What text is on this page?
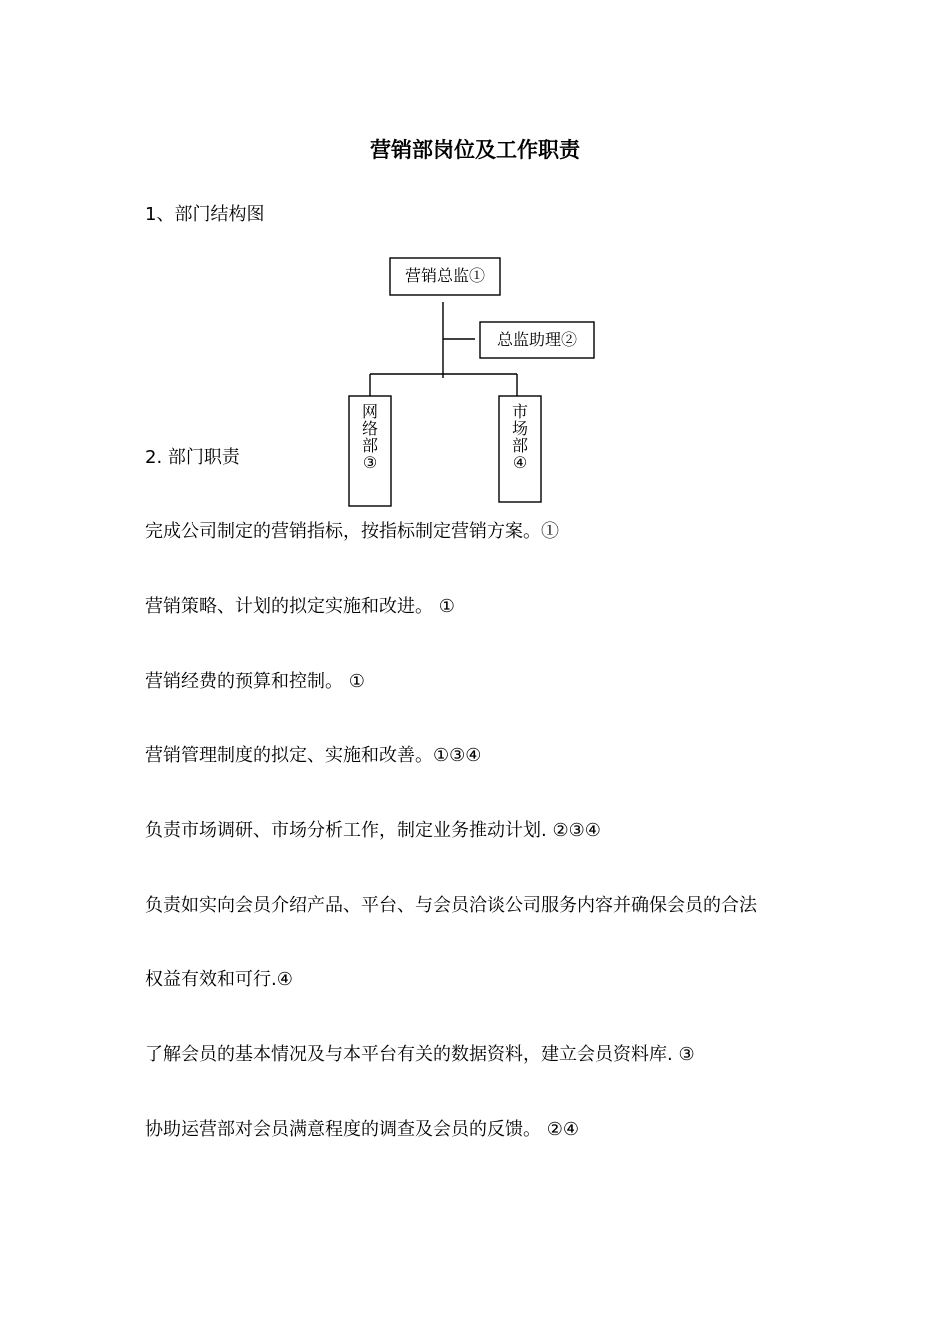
营销部岗位及工作职责
1、部门结构图
营销总监①
总监助理②
网
络
部
③
市
场
部
④
2. 部门职责
完成公司制定的营销指标，按指标制定营销方案。①
营销策略、计划的拟定实施和改进。 ①
营销经费的预算和控制。 ①
营销管理制度的拟定、实施和改善。①③④
负责市场调研、市场分析工作，制定业务推动计划. ②③④
负责如实向会员介绍产品、平台、与会员洽谈公司服务内容并确保会员的合法
权益有效和可行.④
了解会员的基本情况及与本平台有关的数据资料，建立会员资料库. ③
协助运营部对会员满意程度的调查及会员的反馈。 ②④
